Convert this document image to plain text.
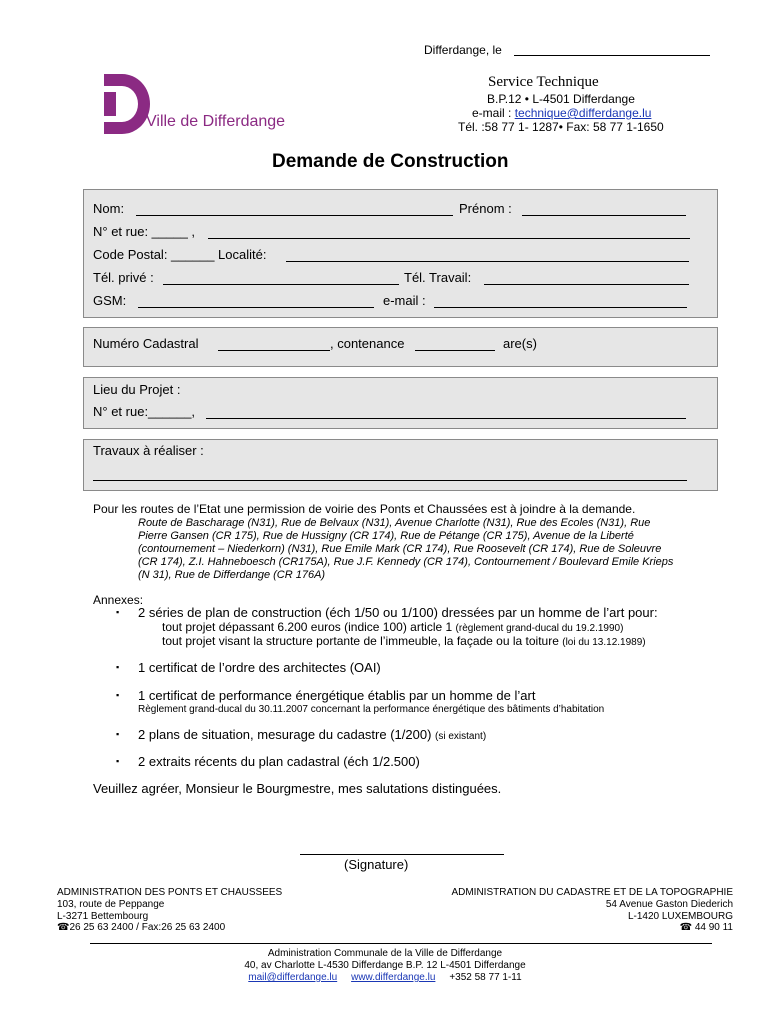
Differdange, le
Ville de Differdange
Service Technique
B.P.12 • L-4501 Differdange
e-mail : technique@differdange.lu
Tél. :58 77 1- 1287• Fax: 58 77 1-1650
Demande de Construction
Nom:	Prénom :
N° et rue: _____ ,
Code Postal: ______ Localité:
Tél. privé :	Tél. Travail:
GSM:	e-mail :
Numéro Cadastral	, contenance	are(s)
Lieu du Projet :
N° et rue:______,
Travaux à réaliser :
Pour les routes de l’Etat une permission de voirie des Ponts et Chaussées est à joindre à la demande.
Route de Bascharage (N31), Rue de Belvaux (N31), Avenue Charlotte (N31), Rue des Ecoles (N31), Rue
Pierre Gansen (CR 175), Rue de Hussigny (CR 174), Rue de Pétange (CR 175), Avenue de la Liberté
(contournement – Niederkorn) (N31), Rue Emile Mark (CR 174), Rue Roosevelt (CR 174), Rue de Soleuvre
(CR 174), Z.I. Hahneboesch (CR175A), Rue J.F. Kennedy (CR 174), Contournement / Boulevard Emile Krieps
(N 31), Rue de Differdange (CR 176A)
Annexes:
▪ 2 séries de plan de construction (éch 1/50 ou 1/100) dressées par un homme de l’art pour:
tout projet dépassant 6.200 euros (indice 100) article 1 (règlement grand-ducal du 19.2.1990)
tout projet visant la structure portante de l’immeuble, la façade ou la toiture (loi du 13.12.1989)
▪ 1 certificat de l’ordre des architectes (OAI)
▪ 1 certificat de performance énergétique établis par un homme de l’art
Règlement grand-ducal du 30.11.2007 concernant la performance énergétique des bâtiments d’habitation
▪ 2 plans de situation, mesurage du cadastre (1/200) (si existant)
▪ 2 extraits récents du plan cadastral (éch 1/2.500)
Veuillez agréer, Monsieur le Bourgmestre, mes salutations distinguées.
(Signature)
ADMINISTRATION DES PONTS ET CHAUSSEES
103, route de Peppange
L-3271 Bettembourg
☎26 25 63 2400 / Fax:26 25 63 2400
ADMINISTRATION DU CADASTRE ET DE LA TOPOGRAPHIE
54 Avenue Gaston Diederich
L-1420 LUXEMBOURG
☎ 44 90 11
Administration Communale de la Ville de Differdange
40, av Charlotte L-4530 Differdange B.P. 12 L-4501 Differdange
mail@differdange.lu www.differdange.lu +352 58 77 1-11
